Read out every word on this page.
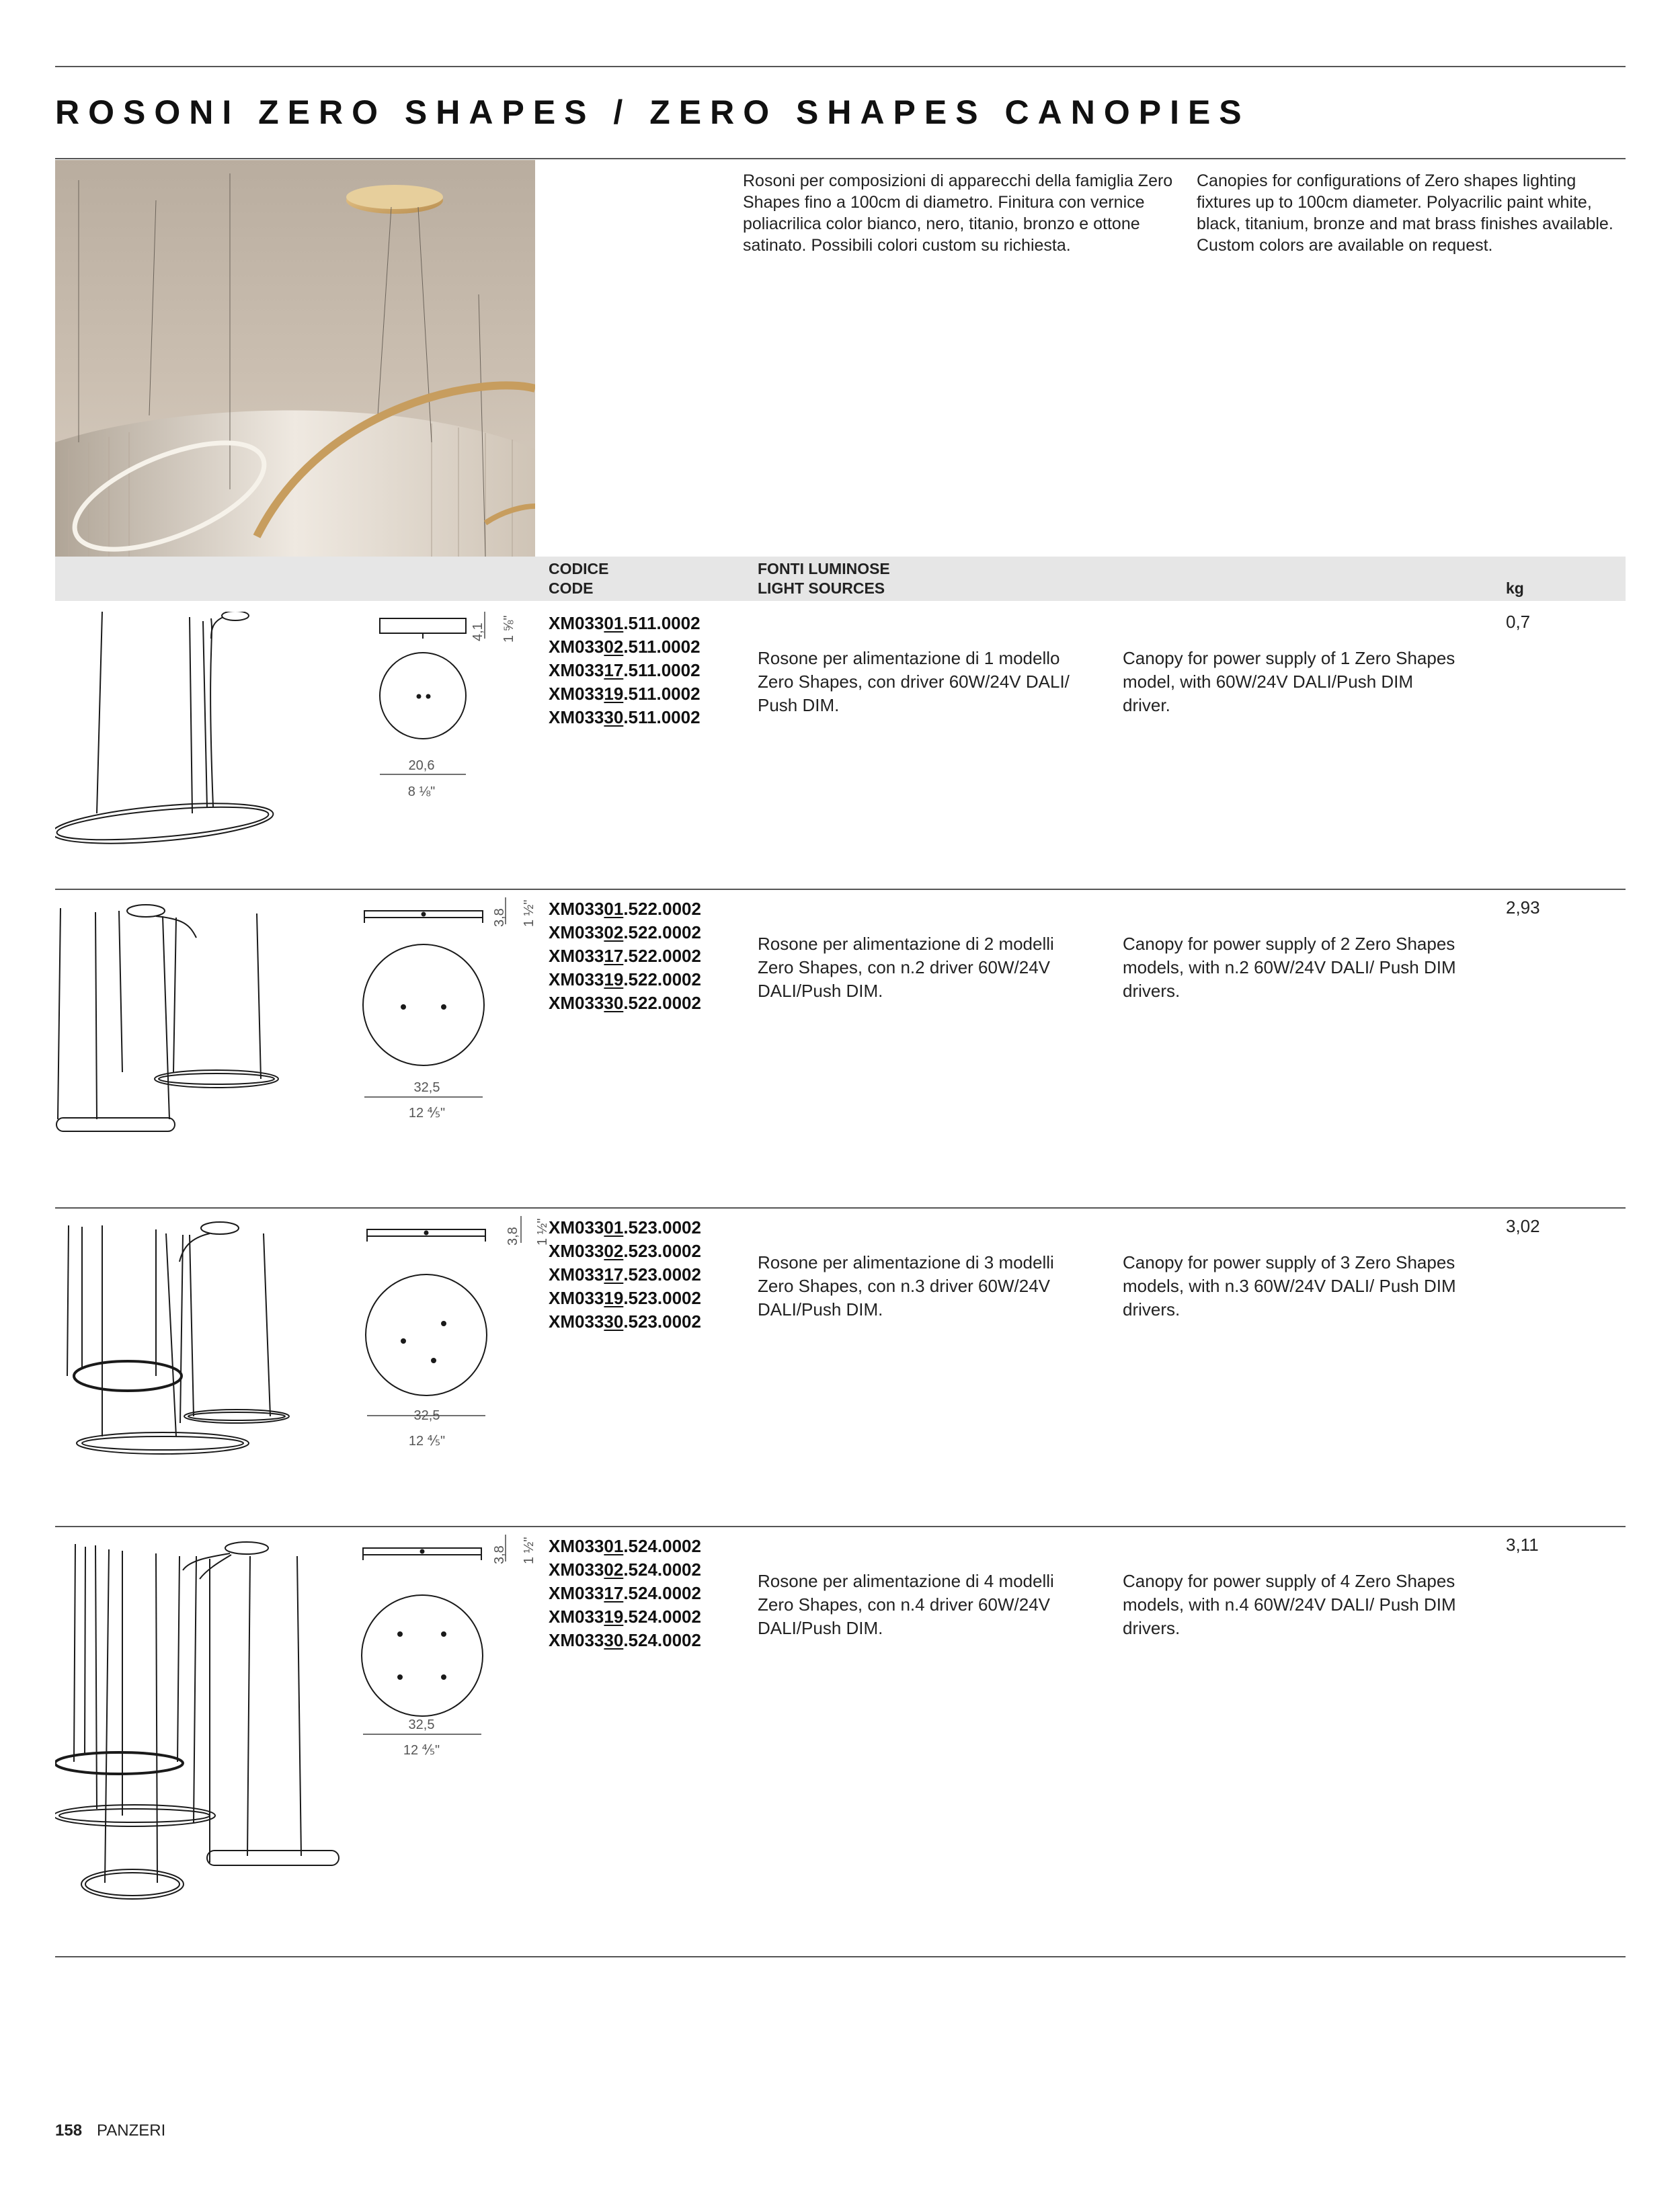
ROSONI ZERO SHAPES / ZERO SHAPES CANOPIES
Rosoni per composizioni di apparecchi della famiglia Zero Shapes fino a 100cm di diametro. Finitura con vernice poliacrilica color bianco, nero, titanio, bronzo e ottone satinato. Possibili colori custom su richiesta.
Canopies for configurations of Zero shapes lighting fixtures up to 100cm diameter. Polyacrilic paint white, black, titanium, bronze and mat brass finishes available. Custom colors are available on request.
CODICE
CODE
FONTI LUMINOSE
LIGHT SOURCES	kg
4,1 1 ⅝"
20,6
8 ⅛"
XM03301.511.0002
XM03302.511.0002
XM03317.511.0002
XM03319.511.0002
XM03330.511.0002
Rosone per alimentazione di 1 modello Zero Shapes, con driver 60W/24V DALI/ Push DIM.
Canopy for power supply of 1 Zero Shapes model, with 60W/24V DALI/Push DIM driver.
0,7
3,8 1 ½"
32,5
12 ⅘"
XM03301.522.0002
XM03302.522.0002
XM03317.522.0002
XM03319.522.0002
XM03330.522.0002
Rosone per alimentazione di 2 modelli Zero Shapes, con n.2 driver 60W/24V DALI/Push DIM.
Canopy for power supply of 2 Zero Shapes models, with n.2 60W/24V DALI/ Push DIM drivers.
2,93
3,8 1 ½"
32,5
12 ⅘"
XM03301.523.0002
XM03302.523.0002
XM03317.523.0002
XM03319.523.0002
XM03330.523.0002
Rosone per alimentazione di 3 modelli Zero Shapes, con n.3 driver 60W/24V DALI/Push DIM.
Canopy for power supply of 3 Zero Shapes models, with n.3 60W/24V DALI/ Push DIM drivers.
3,02
3,8 1 ½"
32,5
12 ⅘"
XM03301.524.0002
XM03302.524.0002
XM03317.524.0002
XM03319.524.0002
XM03330.524.0002
Rosone per alimentazione di 4 modelli Zero Shapes, con n.4 driver 60W/24V DALI/Push DIM.
Canopy for power supply of 4 Zero Shapes models, with n.4 60W/24V DALI/ Push DIM drivers.
3,11
158 PANZERI
